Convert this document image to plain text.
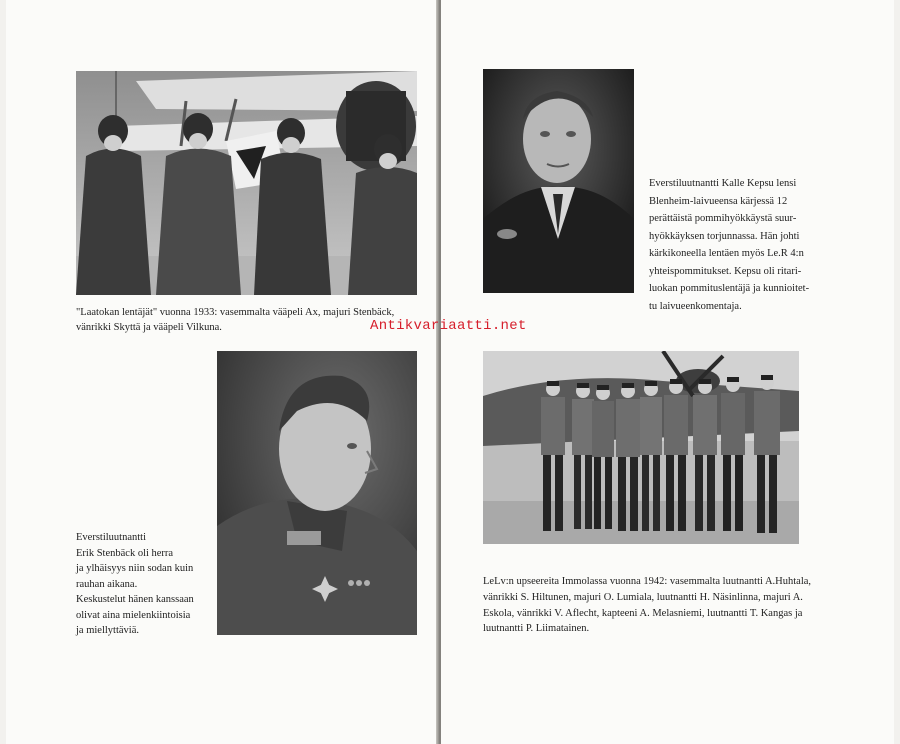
"Laatokan lentäjät" vuonna 1933: vasemmalta vääpeli Ax, majuri Stenbäck,
vänrikki Skyttä ja vääpeli Vilkuna.
Everstiluutnantti Kalle Kepsu lensi
Blenheim-laivueensa kärjessä 12
perättäistä pommihyökkäystä suur-
hyökkäyksen torjunnassa. Hän johti
kärkikoneella lentäen myös Le.R 4:n
yhteispommitukset. Kepsu oli ritari-
luokan pommituslentäjä ja kunnioitet-
tu laivueenkomentaja.
Antikvariaatti.net
Everstiluutnantti
Erik Stenbäck oli herra
ja ylhäisyys niin sodan kuin
rauhan aikana.
Keskustelut hänen kanssaan
olivat aina mielenkiintoisia
ja miellyttäviä.
LeLv:n upseereita Immolassa vuonna 1942: vasemmalta luutnantti A.Huhtala,
vänrikki S. Hiltunen, majuri O. Lumiala, luutnantti H. Näsinlinna, majuri A.
Eskola, vänrikki V. Aflecht, kapteeni A. Melasniemi, luutnantti T. Kangas ja
luutnantti P. Liimatainen.
